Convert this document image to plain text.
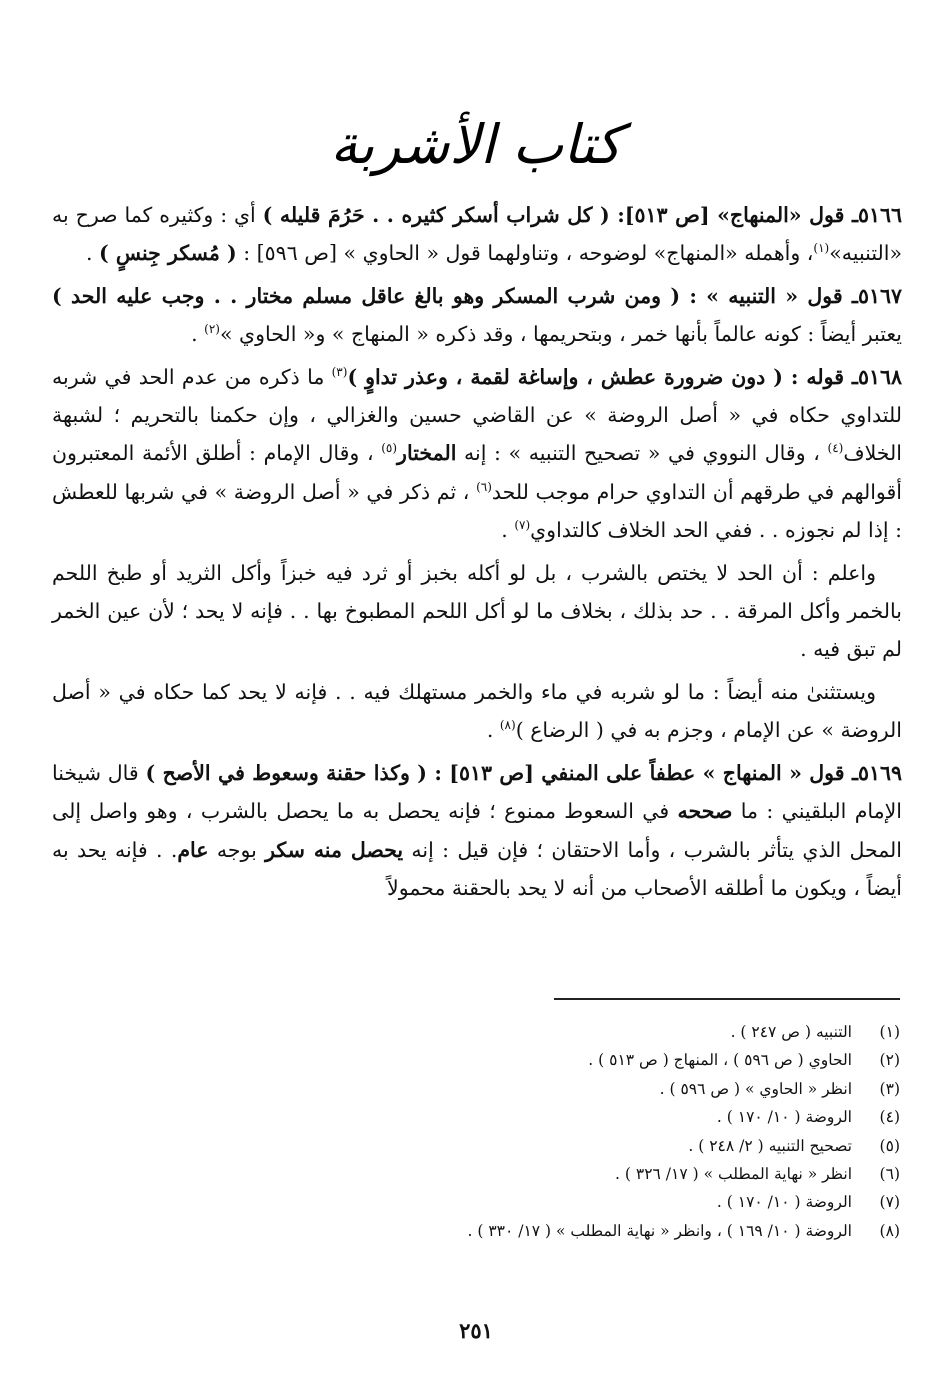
كتاب الأشربة

٥١٦٦ـ قول «المنهاج» [ص ٥١٣]: ( كل شراب أسكر كثيره . . حَرُمَ قليله ) أي : وكثيره كما صرح به «التنبيه»$^{(١)}$، وأهمله «المنهاج» لوضوحه ، وتناولهما قول « الحاوي » [ص ٥٩٦] : ( مُسكر جِنسٍ ) .

٥١٦٧ـ قول « التنبيه » : ( ومن شرب المسكر وهو بالغ عاقل مسلم مختار . . وجب عليه الحد ) يعتبر أيضاً : كونه عالماً بأنها خمر ، وبتحريمها ، وقد ذكره « المنهاج » و« الحاوي »$^{(٢)}$ .

٥١٦٨ـ قوله : ( دون ضرورة عطش ، وإساغة لقمة ، وعذر تداوٍ )$^{(٣)}$ ما ذكره من عدم الحد في شربه للتداوي حكاه في « أصل الروضة » عن القاضي حسين والغزالي ، وإن حكمنا بالتحريم ؛ لشبهة الخلاف$^{(٤)}$ ، وقال النووي في « تصحيح التنبيه » : إنه المختار$^{(٥)}$ ، وقال الإمام : أطلق الأئمة المعتبرون أقوالهم في طرقهم أن التداوي حرام موجب للحد$^{(٦)}$ ، ثم ذكر في « أصل الروضة » في شربها للعطش : إذا لم نجوزه . . ففي الحد الخلاف كالتداوي$^{(٧)}$ .

واعلم : أن الحد لا يختص بالشرب ، بل لو أكله بخبز أو ثرد فيه خبزاً وأكل الثريد أو طبخ اللحم بالخمر وأكل المرقة . . حد بذلك ، بخلاف ما لو أكل اللحم المطبوخ بها . . فإنه لا يحد ؛ لأن عين الخمر لم تبق فيه .

ويستثنىٰ منه أيضاً : ما لو شربه في ماء والخمر مستهلك فيه . . فإنه لا يحد كما حكاه في « أصل الروضة » عن الإمام ، وجزم به في ( الرضاع )$^{(٨)}$ .

٥١٦٩ـ قول « المنهاج » عطفاً على المنفي [ص ٥١٣] : ( وكذا حقنة وسعوط في الأصح ) قال شيخنا الإمام البلقيني : ما صححه في السعوط ممنوع ؛ فإنه يحصل به ما يحصل بالشرب ، وهو واصل إلى المحل الذي يتأثر بالشرب ، وأما الاحتقان ؛ فإن قيل : إنه يحصل منه سكر بوجه عام. . فإنه يحد به أيضاً ، ويكون ما أطلقه الأصحاب من أنه لا يحد بالحقنة محمولاً

(١)
التنبيه ( ص ٢٤٧ ) .
(٢)
الحاوي ( ص ٥٩٦ ) ، المنهاج ( ص ٥١٣ ) .
(٣)
انظر « الحاوي » ( ص ٥٩٦ ) .
(٤)
الروضة ( ١٠/ ١٧٠ ) .
(٥)
تصحيح التنبيه ( ٢/ ٢٤٨ ) .
(٦)
انظر « نهاية المطلب » ( ١٧/ ٣٢٦ ) .
(٧)
الروضة ( ١٠/ ١٧٠ ) .
(٨)
الروضة ( ١٠/ ١٦٩ ) ، وانظر « نهاية المطلب » ( ١٧/ ٣٣٠ ) .
٢٥١
